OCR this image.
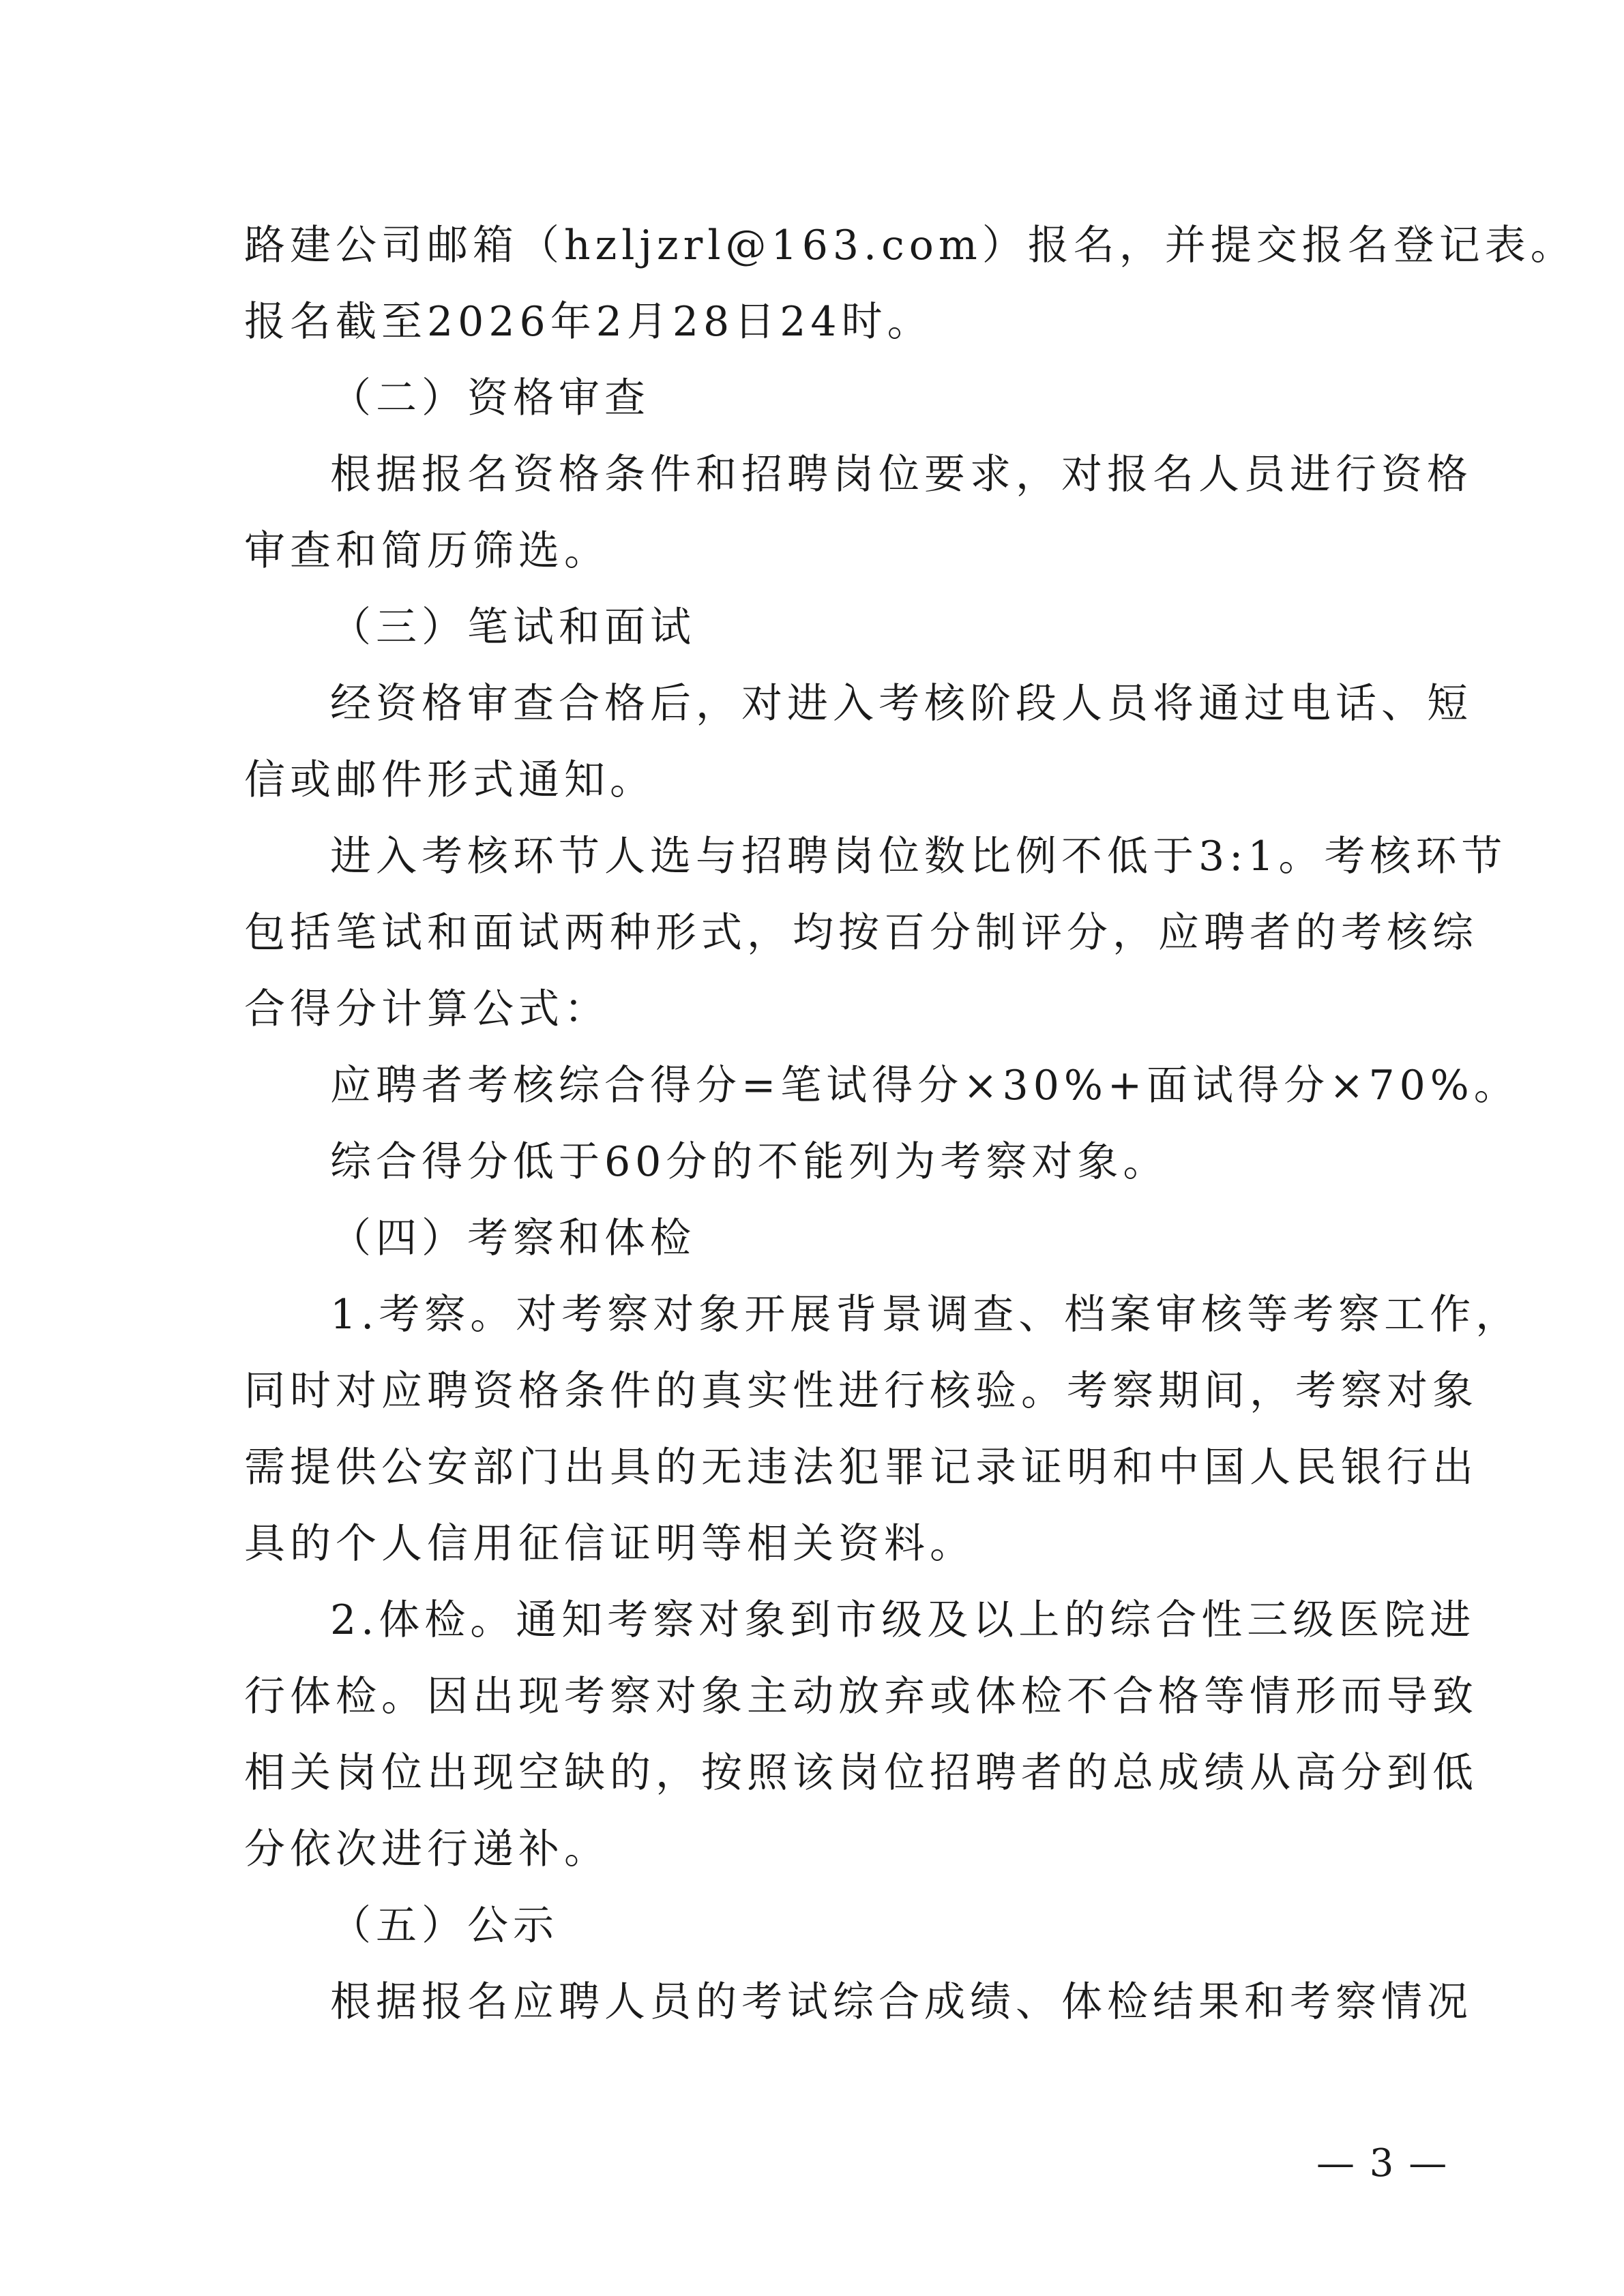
路建公司邮箱（hzljzrl@163.com）报名，并提交报名登记表。
报名截至2026年2月28日24时。
（二）资格审查
根据报名资格条件和招聘岗位要求，对报名人员进行资格
审查和简历筛选。
（三）笔试和面试
经资格审查合格后，对进入考核阶段人员将通过电话、短
信或邮件形式通知。
进入考核环节人选与招聘岗位数比例不低于3:1。考核环节
包括笔试和面试两种形式，均按百分制评分，应聘者的考核综
合得分计算公式：
应聘者考核综合得分=笔试得分×30%+面试得分×70%。
综合得分低于60分的不能列为考察对象。
（四）考察和体检
1.考察。对考察对象开展背景调查、档案审核等考察工作，
同时对应聘资格条件的真实性进行核验。考察期间，考察对象
需提供公安部门出具的无违法犯罪记录证明和中国人民银行出
具的个人信用征信证明等相关资料。
2.体检。通知考察对象到市级及以上的综合性三级医院进
行体检。因出现考察对象主动放弃或体检不合格等情形而导致
相关岗位出现空缺的，按照该岗位招聘者的总成绩从高分到低
分依次进行递补。
（五）公示
根据报名应聘人员的考试综合成绩、体检结果和考察情况
— 3 —
